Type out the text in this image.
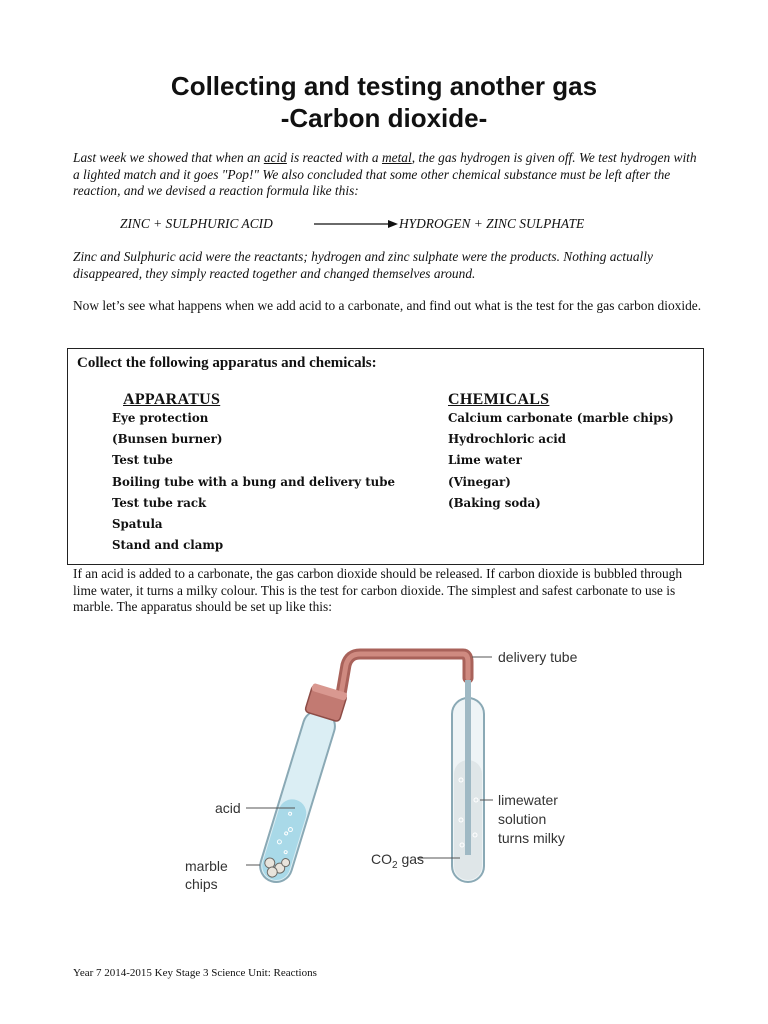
Collecting and testing another gas
-Carbon dioxide-
Last week we showed that when an acid is reacted with a metal, the gas hydrogen is given off. We test hydrogen with a lighted match and it goes "Pop!" We also concluded that some other chemical substance must be left after the reaction, and we devised a reaction formula like this:
ZINC + SULPHURIC ACID	HYDROGEN + ZINC SULPHATE
Zinc and Sulphuric acid were the reactants; hydrogen and zinc sulphate were the products. Nothing actually disappeared, they simply reacted together and changed themselves around.
Now let’s see what happens when we add acid to a carbonate, and find out what is the test for the gas carbon dioxide.
Collect the following apparatus and chemicals:
APPARATUS	CHEMICALS
Eye protection
(Bunsen burner)
Test tube
Boiling tube with a bung and delivery tube
Test tube rack
Spatula
Stand and clamp
Calcium carbonate (marble chips)
Hydrochloric acid
Lime water
(Vinegar)
(Baking soda)
If an acid is added to a carbonate, the gas carbon dioxide should be released. If carbon dioxide is bubbled through lime water, it turns a milky colour. This is the test for carbon dioxide. The simplest and safest carbonate to use is marble. The apparatus should be set up like this:
delivery tube
acid
marble
chips
$CO_2$ gas
limewater
solution
turns milky
Year 7 2014-2015 Key Stage 3 Science Unit: Reactions
